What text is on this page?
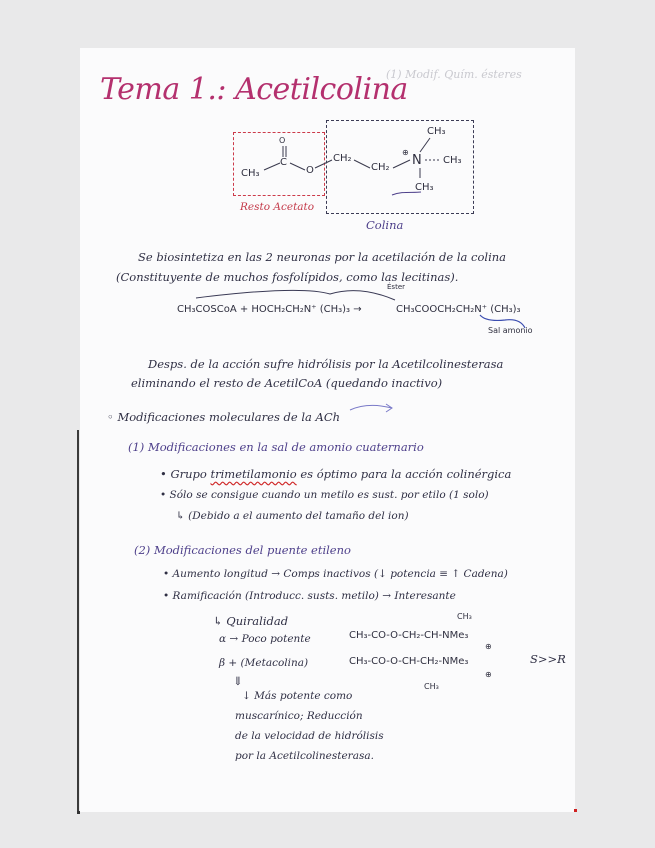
(1) Modif. Quím. ésteres
Tema 1.: Acetilcolina
O
C
CH₃	O
CH₂
CH₂
⊕
N
CH₃
CH₃
CH₃
Resto Acetato
Colina
Se biosintetiza en las 2 neuronas por la acetilación de la colina
(Constituyente de muchos fosfolípidos, como las lecitinas).
Éster
CH₃COSCoA + HOCH₂CH₂N⁺ (CH₃)₃ →	CH₃COOCH₂CH₂N⁺ (CH₃)₃
Sal amonio
Desps. de la acción sufre hidrólisis por la Acetilcolinesterasa
eliminando el resto de AcetilCoA (quedando inactivo)
◦ Modificaciones moleculares de la ACh
(1) Modificaciones en la sal de amonio cuaternario
• Grupo trimetilamonio es óptimo para la acción colinérgica
• Sólo se consigue cuando un metilo es sust. por etilo (1 solo)
↳ (Debido a el aumento del tamaño del ion)
(2) Modificaciones del puente etileno
• Aumento longitud → Comps inactivos (↓ potencia ≡ ↑ Cadena)
• Ramificación (Introducc. susts. metilo) → Interesante
↳ Quiralidad
α → Poco potente
β + (Metacolina)
⇓
CH₃
CH₃-CO-O-CH₂-CH-NMe₃
⊕
CH₃-CO-O-CH-CH₂-NMe₃
⊕
S>>R
CH₃
↓ Más potente como
muscarínico; Reducción
de la velocidad de hidrólisis
por la Acetilcolinesterasa.
